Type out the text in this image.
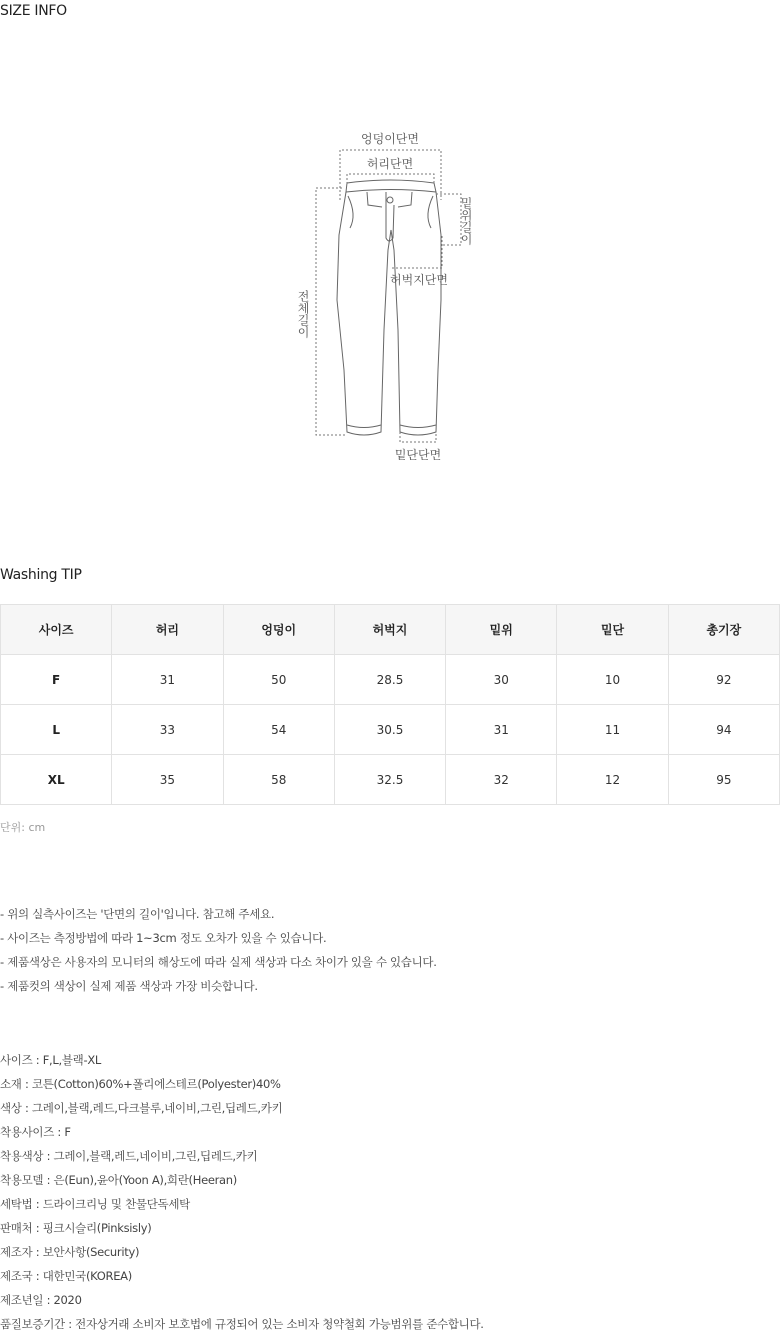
SIZE INFO
엉덩이단면
허리단면
밑위길이
허벅지단면
전체길이
밑단단면
Washing TIP
사이즈	허리	엉덩이	허벅지	밑위	밑단	총기장
F	31	50	28.5	30	10	92
L	33	54	30.5	31	11	94
XL	35	58	32.5	32	12	95
단위: cm
- 위의 실측사이즈는 '단면의 길이'입니다. 참고해 주세요.
- 사이즈는 측정방법에 따라 1~3cm 정도 오차가 있을 수 있습니다.
- 제품색상은 사용자의 모니터의 해상도에 따라 실제 색상과 다소 차이가 있을 수 있습니다.
- 제품컷의 색상이 실제 제품 색상과 가장 비슷합니다.
사이즈 : F,L,블랙-XL
소재 : 코튼(Cotton)60%+폴리에스테르(Polyester)40%
색상 : 그레이,블랙,레드,다크블루,네이비,그린,딥레드,카키
착용사이즈 : F
착용색상 : 그레이,블랙,레드,네이비,그린,딥레드,카키
착용모델 : 은(Eun),윤아(Yoon A),희란(Heeran)
세탁법 : 드라이크리닝 및 찬물단독세탁
판매처 : 핑크시슬리(Pinksisly)
제조자 : 보안사항(Security)
제조국 : 대한민국(KOREA)
제조년일 : 2020
품질보증기간 : 전자상거래 소비자 보호법에 규정되어 있는 소비자 청약철회 가능범위를 준수합니다.
